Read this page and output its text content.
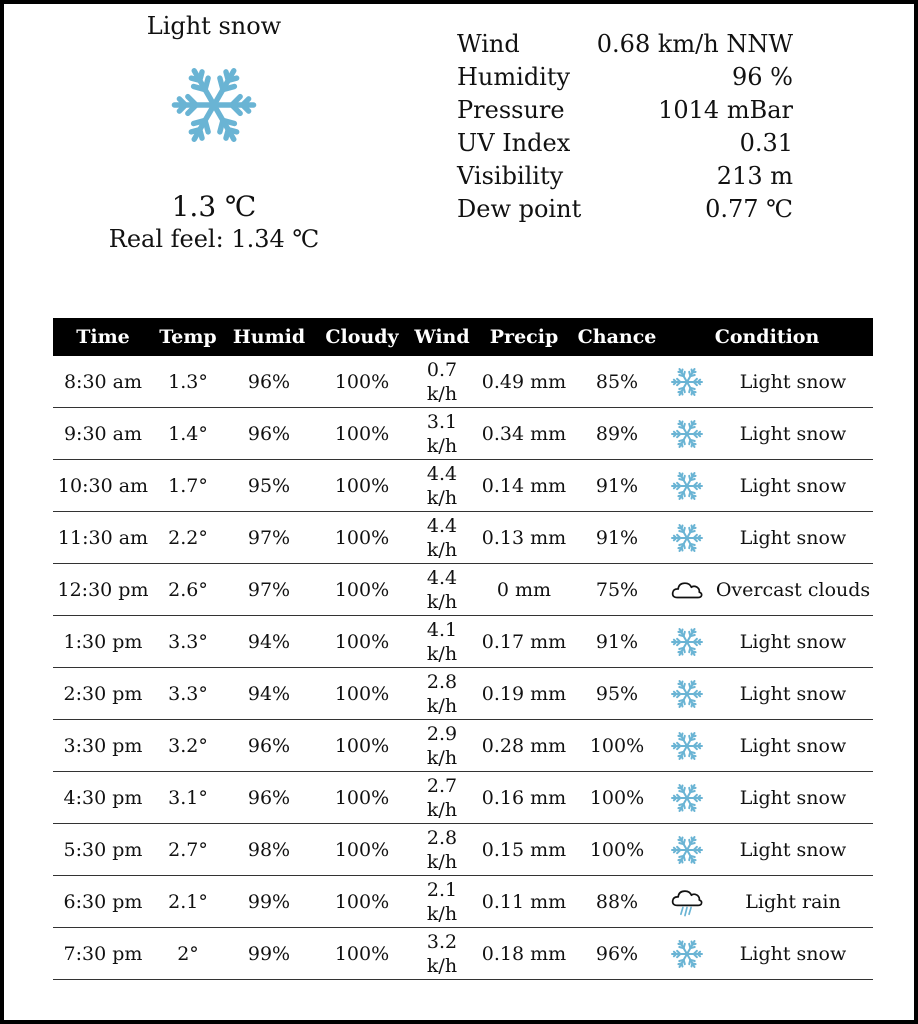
Light snow
1.3 ℃
Real feel: 1.34 ℃
Wind	0.68 km/h NNW
Humidity	96 %
Pressure	1014 mBar
UV Index	0.31
Visibility	213 m
Dew point	0.77 ℃
Time	Temp	Humid	Cloudy	Wind	Precip	Chance	Condition	
8:30 am	1.3°	96%	100%	0.7 k/h	0.49 mm	85%		Light snow
9:30 am	1.4°	96%	100%	3.1 k/h	0.34 mm	89%		Light snow
10:30 am	1.7°	95%	100%	4.4 k/h	0.14 mm	91%		Light snow
11:30 am	2.2°	97%	100%	4.4 k/h	0.13 mm	91%		Light snow
12:30 pm	2.6°	97%	100%	4.4 k/h	0 mm	75%		Overcast clouds
1:30 pm	3.3°	94%	100%	4.1 k/h	0.17 mm	91%		Light snow
2:30 pm	3.3°	94%	100%	2.8 k/h	0.19 mm	95%		Light snow
3:30 pm	3.2°	96%	100%	2.9 k/h	0.28 mm	100%		Light snow
4:30 pm	3.1°	96%	100%	2.7 k/h	0.16 mm	100%		Light snow
5:30 pm	2.7°	98%	100%	2.8 k/h	0.15 mm	100%		Light snow
6:30 pm	2.1°	99%	100%	2.1 k/h	0.11 mm	88%		Light rain
7:30 pm	2°	99%	100%	3.2 k/h	0.18 mm	96%		Light snow
